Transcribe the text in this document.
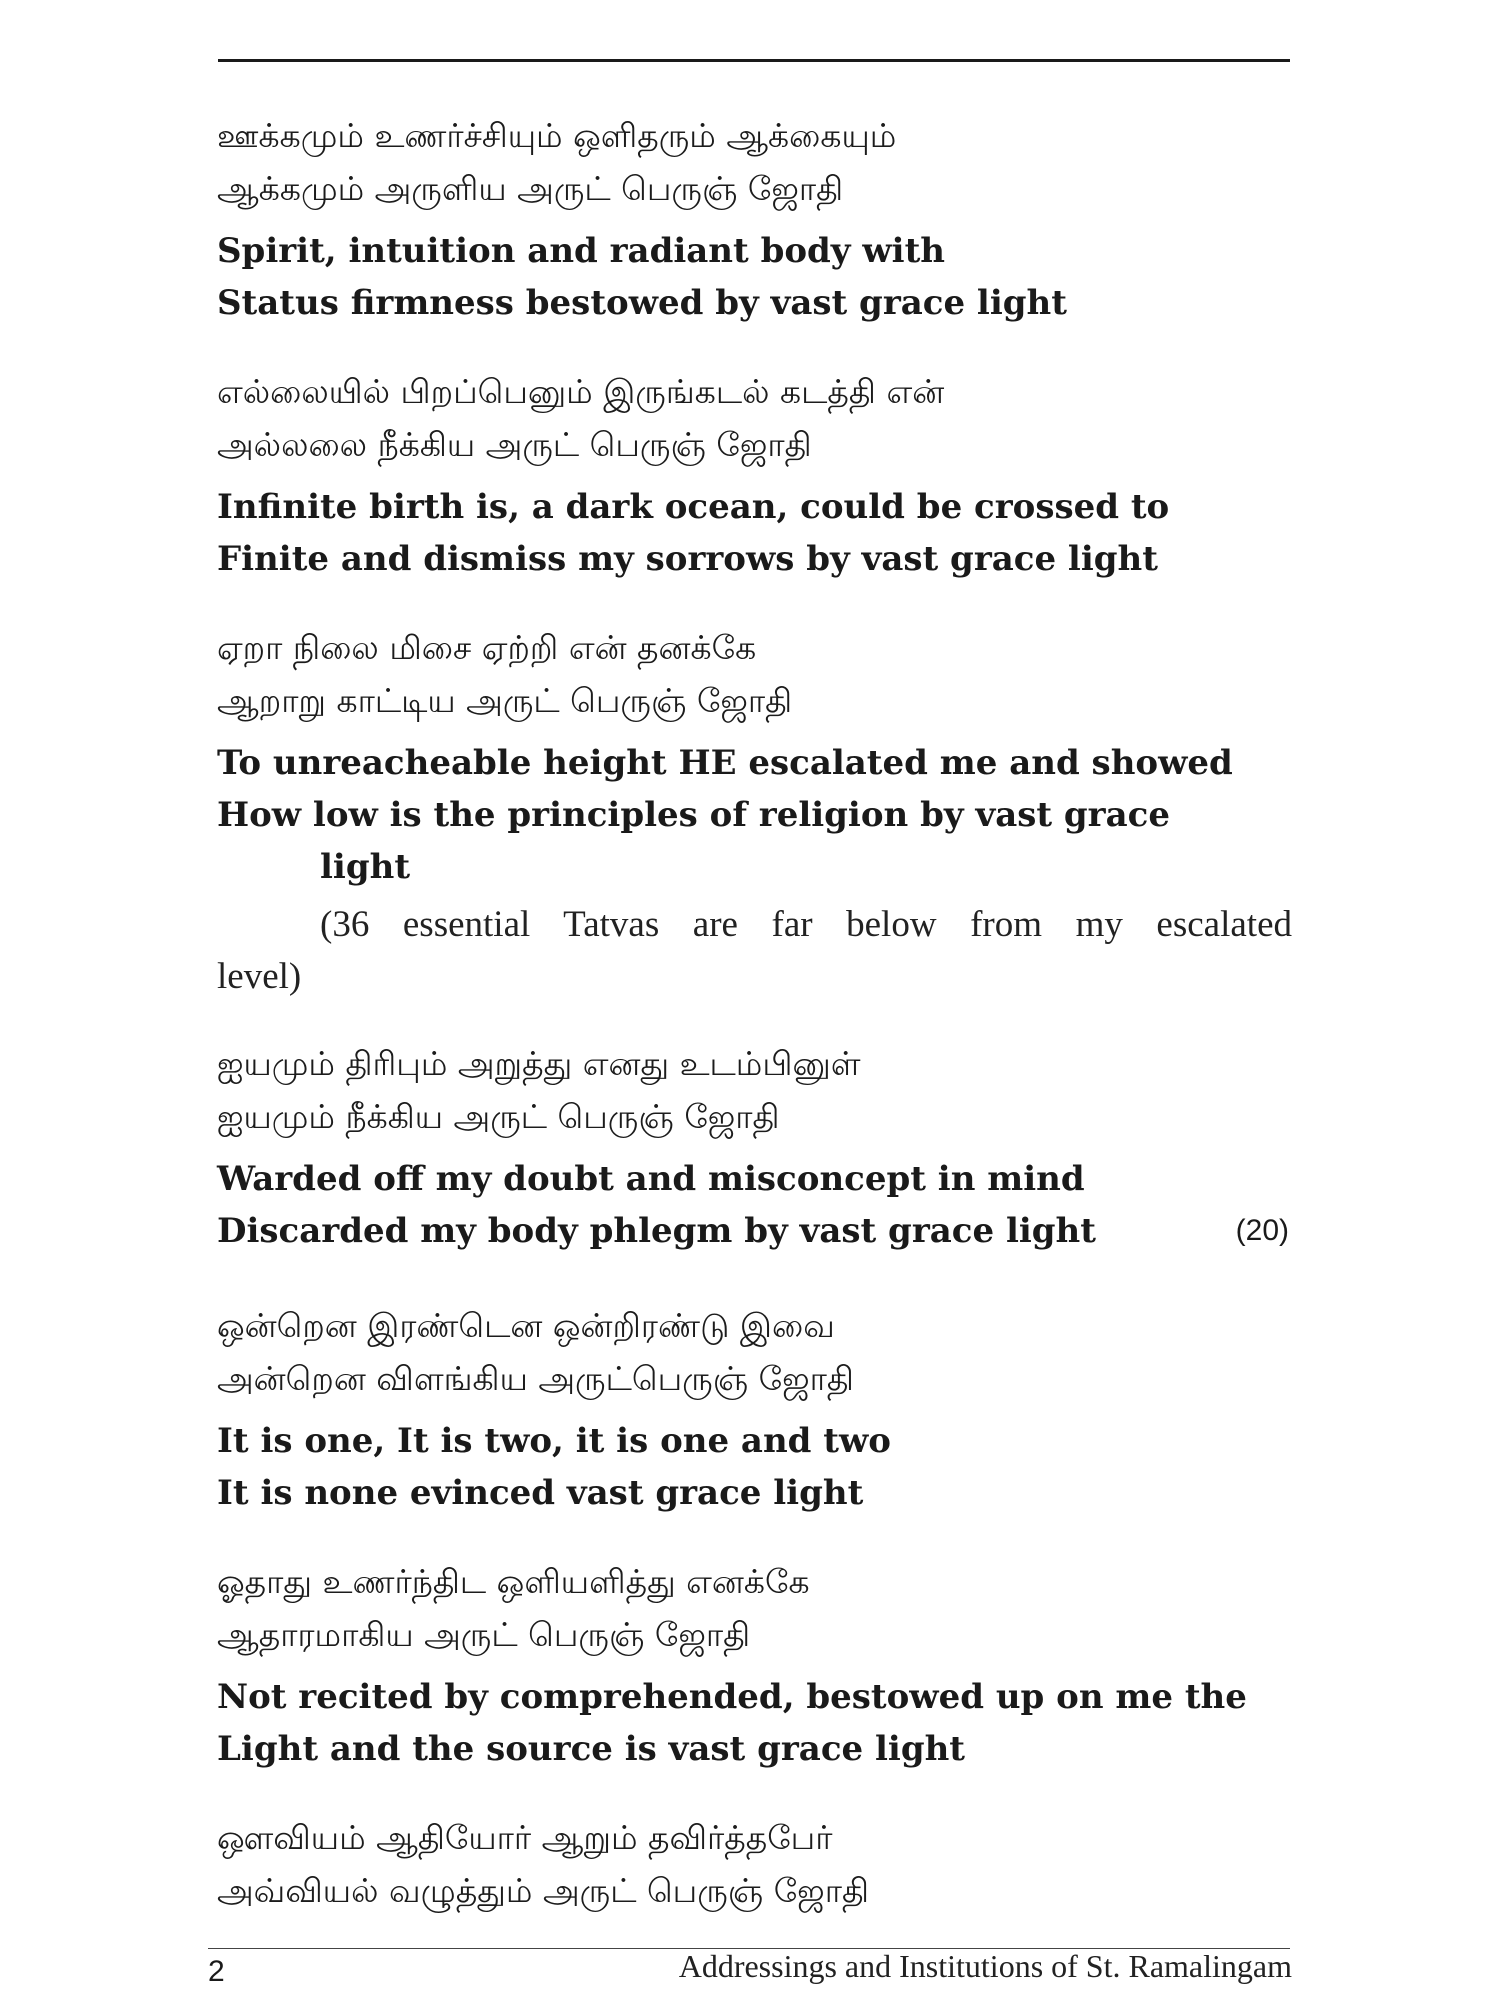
ஊக்கமும் உணர்ச்சியும் ஒளிதரும் ஆக்கையும்
ஆக்கமும் அருளிய அருட் பெருஞ் ஜோதி
Spirit, intuition and radiant body with
Status firmness bestowed by vast grace light
எல்லையில் பிறப்பெனும் இருங்கடல் கடத்தி என்
அல்லலை நீக்கிய அருட் பெருஞ் ஜோதி
Infinite birth is, a dark ocean, could be crossed to
Finite and dismiss my sorrows by vast grace light
ஏறா நிலை மிசை ஏற்றி என் தனக்கே
ஆறாறு காட்டிய அருட் பெருஞ் ஜோதி
To unreacheable height HE escalated me and showed
How low is the principles of religion by vast grace
light
(36 essential Tatvas are far below from my escalated
level)
ஐயமும் திரிபும் அறுத்து எனது உடம்பினுள்
ஐயமும் நீக்கிய அருட் பெருஞ் ஜோதி
Warded off my doubt and misconcept in mind
Discarded my body phlegm by vast grace light	(20)
ஒன்றென இரண்டென ஒன்றிரண்டு இவை
அன்றென விளங்கிய அருட்பெருஞ் ஜோதி
It is one, It is two, it is one and two
It is none evinced vast grace light
ஓதாது உணர்ந்திட ஒளியளித்து எனக்கே
ஆதாரமாகிய அருட் பெருஞ் ஜோதி
Not recited by comprehended, bestowed up on me the
Light and the source is vast grace light
ஔவியம் ஆதியோர் ஆறும் தவிர்த்தபேர்
அவ்வியல் வழுத்தும் அருட் பெருஞ் ஜோதி
2	Addressings and Institutions of St. Ramalingam
